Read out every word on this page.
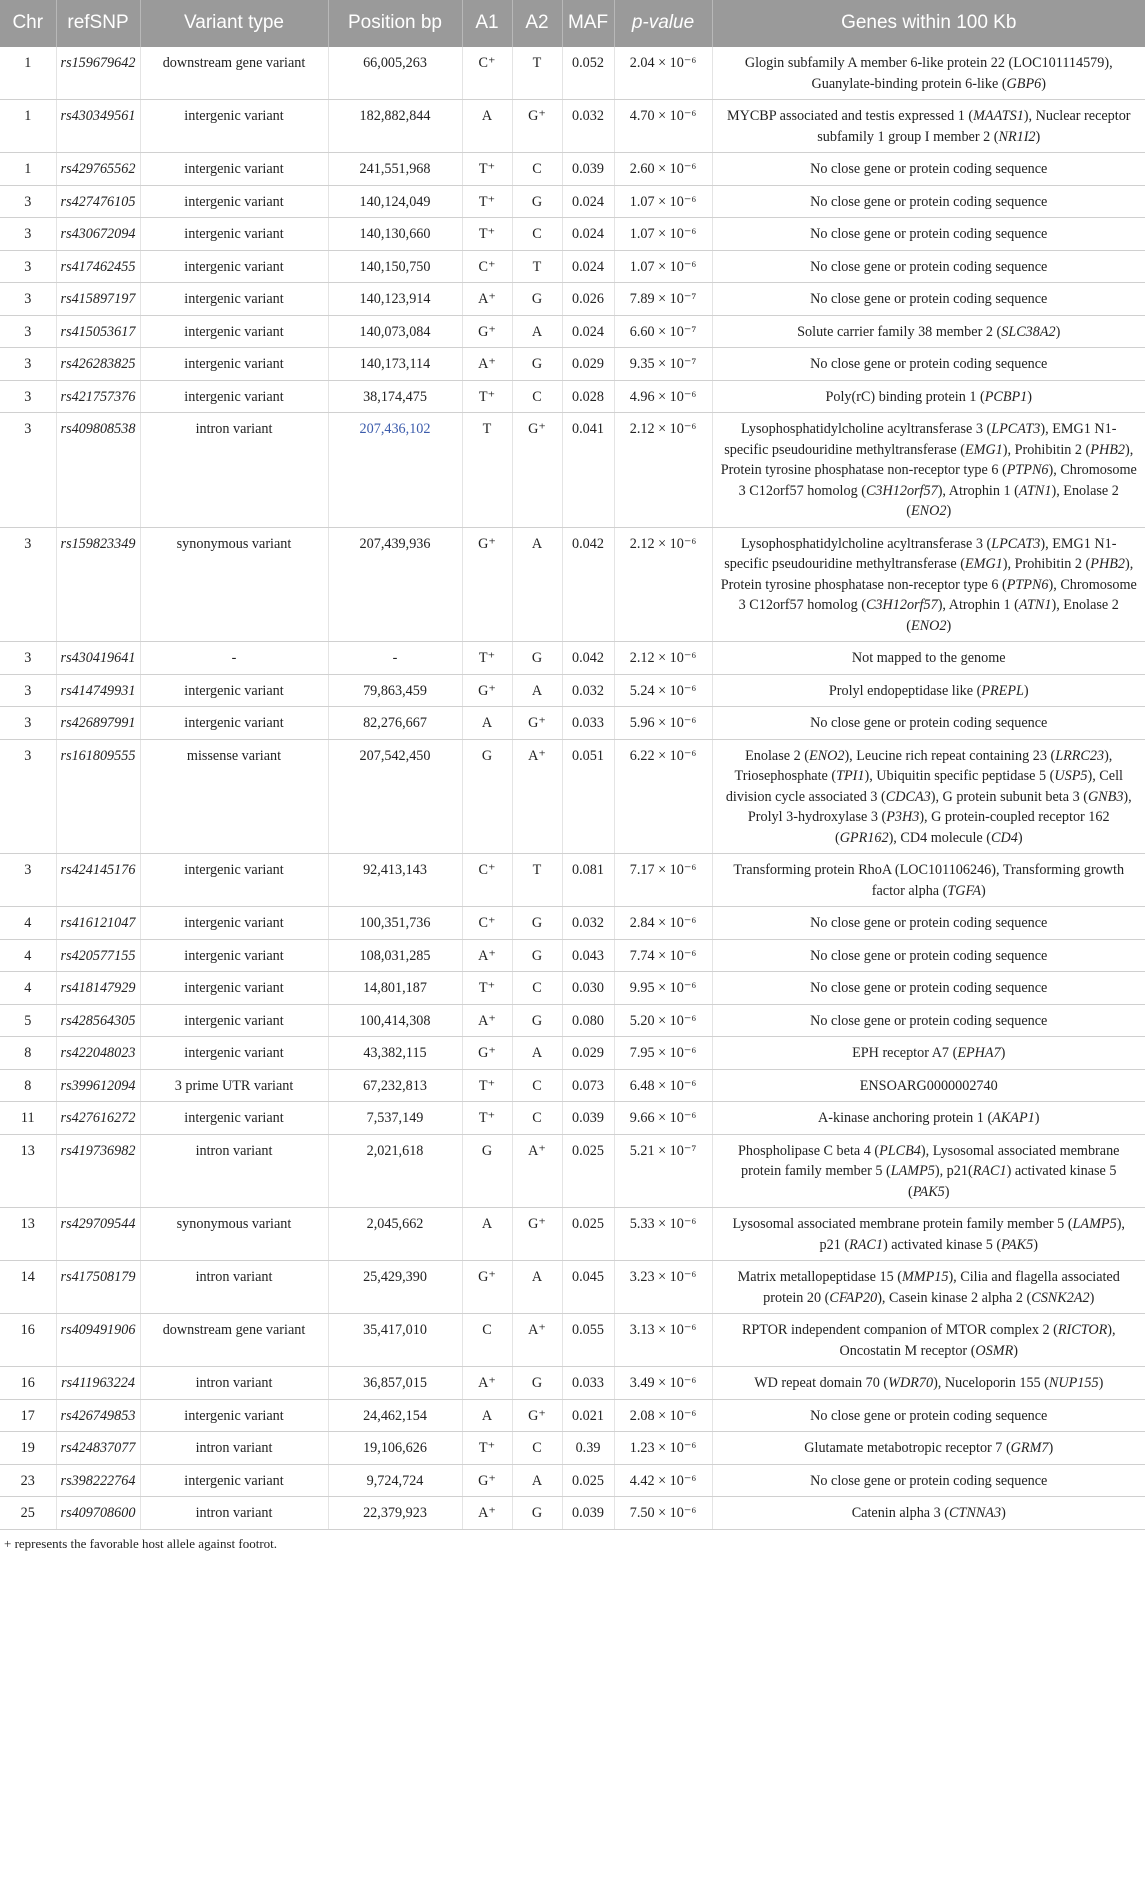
Chr	refSNP	Variant type	Position bp	A1	A2	MAF	p-value	Genes within 100 Kb
1	rs159679642	downstream gene variant	66,005,263	C⁺	T	0.052	2.04 × 10⁻⁶	Glogin subfamily A member 6-like protein 22 (LOC101114579), Guanylate-binding protein 6-like (GBP6)
1	rs430349561	intergenic variant	182,882,844	A	G⁺	0.032	4.70 × 10⁻⁶	MYCBP associated and testis expressed 1 (MAATS1), Nuclear receptor subfamily 1 group I member 2 (NR1I2)
1	rs429765562	intergenic variant	241,551,968	T⁺	C	0.039	2.60 × 10⁻⁶	No close gene or protein coding sequence
3	rs427476105	intergenic variant	140,124,049	T⁺	G	0.024	1.07 × 10⁻⁶	No close gene or protein coding sequence
3	rs430672094	intergenic variant	140,130,660	T⁺	C	0.024	1.07 × 10⁻⁶	No close gene or protein coding sequence
3	rs417462455	intergenic variant	140,150,750	C⁺	T	0.024	1.07 × 10⁻⁶	No close gene or protein coding sequence
3	rs415897197	intergenic variant	140,123,914	A⁺	G	0.026	7.89 × 10⁻⁷	No close gene or protein coding sequence
3	rs415053617	intergenic variant	140,073,084	G⁺	A	0.024	6.60 × 10⁻⁷	Solute carrier family 38 member 2 (SLC38A2)
3	rs426283825	intergenic variant	140,173,114	A⁺	G	0.029	9.35 × 10⁻⁷	No close gene or protein coding sequence
3	rs421757376	intergenic variant	38,174,475	T⁺	C	0.028	4.96 × 10⁻⁶	Poly(rC) binding protein 1 (PCBP1)
3	rs409808538	intron variant	207,436,102	T	G⁺	0.041	2.12 × 10⁻⁶	Lysophosphatidylcholine acyltransferase 3 (LPCAT3), EMG1 N1-specific pseudouridine methyltransferase (EMG1), Prohibitin 2 (PHB2), Protein tyrosine phosphatase non-receptor type 6 (PTPN6), Chromosome 3 C12orf57 homolog (C3H12orf57), Atrophin 1 (ATN1), Enolase 2 (ENO2)
3	rs159823349	synonymous variant	207,439,936	G⁺	A	0.042	2.12 × 10⁻⁶	Lysophosphatidylcholine acyltransferase 3 (LPCAT3), EMG1 N1-specific pseudouridine methyltransferase (EMG1), Prohibitin 2 (PHB2), Protein tyrosine phosphatase non-receptor type 6 (PTPN6), Chromosome 3 C12orf57 homolog (C3H12orf57), Atrophin 1 (ATN1), Enolase 2 (ENO2)
3	rs430419641	-	-	T⁺	G	0.042	2.12 × 10⁻⁶	Not mapped to the genome
3	rs414749931	intergenic variant	79,863,459	G⁺	A	0.032	5.24 × 10⁻⁶	Prolyl endopeptidase like (PREPL)
3	rs426897991	intergenic variant	82,276,667	A	G⁺	0.033	5.96 × 10⁻⁶	No close gene or protein coding sequence
3	rs161809555	missense variant	207,542,450	G	A⁺	0.051	6.22 × 10⁻⁶	Enolase 2 (ENO2), Leucine rich repeat containing 23 (LRRC23), Triosephosphate (TPI1), Ubiquitin specific peptidase 5 (USP5), Cell division cycle associated 3 (CDCA3), G protein subunit beta 3 (GNB3), Prolyl 3-hydroxylase 3 (P3H3), G protein-coupled receptor 162 (GPR162), CD4 molecule (CD4)
3	rs424145176	intergenic variant	92,413,143	C⁺	T	0.081	7.17 × 10⁻⁶	Transforming protein RhoA (LOC101106246), Transforming growth factor alpha (TGFA)
4	rs416121047	intergenic variant	100,351,736	C⁺	G	0.032	2.84 × 10⁻⁶	No close gene or protein coding sequence
4	rs420577155	intergenic variant	108,031,285	A⁺	G	0.043	7.74 × 10⁻⁶	No close gene or protein coding sequence
4	rs418147929	intergenic variant	14,801,187	T⁺	C	0.030	9.95 × 10⁻⁶	No close gene or protein coding sequence
5	rs428564305	intergenic variant	100,414,308	A⁺	G	0.080	5.20 × 10⁻⁶	No close gene or protein coding sequence
8	rs422048023	intergenic variant	43,382,115	G⁺	A	0.029	7.95 × 10⁻⁶	EPH receptor A7 (EPHA7)
8	rs399612094	3 prime UTR variant	67,232,813	T⁺	C	0.073	6.48 × 10⁻⁶	ENSOARG0000002740
11	rs427616272	intergenic variant	7,537,149	T⁺	C	0.039	9.66 × 10⁻⁶	A-kinase anchoring protein 1 (AKAP1)
13	rs419736982	intron variant	2,021,618	G	A⁺	0.025	5.21 × 10⁻⁷	Phospholipase C beta 4 (PLCB4), Lysosomal associated membrane protein family member 5 (LAMP5), p21(RAC1) activated kinase 5 (PAK5)
13	rs429709544	synonymous variant	2,045,662	A	G⁺	0.025	5.33 × 10⁻⁶	Lysosomal associated membrane protein family member 5 (LAMP5), p21 (RAC1) activated kinase 5 (PAK5)
14	rs417508179	intron variant	25,429,390	G⁺	A	0.045	3.23 × 10⁻⁶	Matrix metallopeptidase 15 (MMP15), Cilia and flagella associated protein 20 (CFAP20), Casein kinase 2 alpha 2 (CSNK2A2)
16	rs409491906	downstream gene variant	35,417,010	C	A⁺	0.055	3.13 × 10⁻⁶	RPTOR independent companion of MTOR complex 2 (RICTOR), Oncostatin M receptor (OSMR)
16	rs411963224	intron variant	36,857,015	A⁺	G	0.033	3.49 × 10⁻⁶	WD repeat domain 70 (WDR70), Nuceloporin 155 (NUP155)
17	rs426749853	intergenic variant	24,462,154	A	G⁺	0.021	2.08 × 10⁻⁶	No close gene or protein coding sequence
19	rs424837077	intron variant	19,106,626	T⁺	C	0.39	1.23 × 10⁻⁶	Glutamate metabotropic receptor 7 (GRM7)
23	rs398222764	intergenic variant	9,724,724	G⁺	A	0.025	4.42 × 10⁻⁶	No close gene or protein coding sequence
25	rs409708600	intron variant	22,379,923	A⁺	G	0.039	7.50 × 10⁻⁶	Catenin alpha 3 (CTNNA3)
+ represents the favorable host allele against footrot.
